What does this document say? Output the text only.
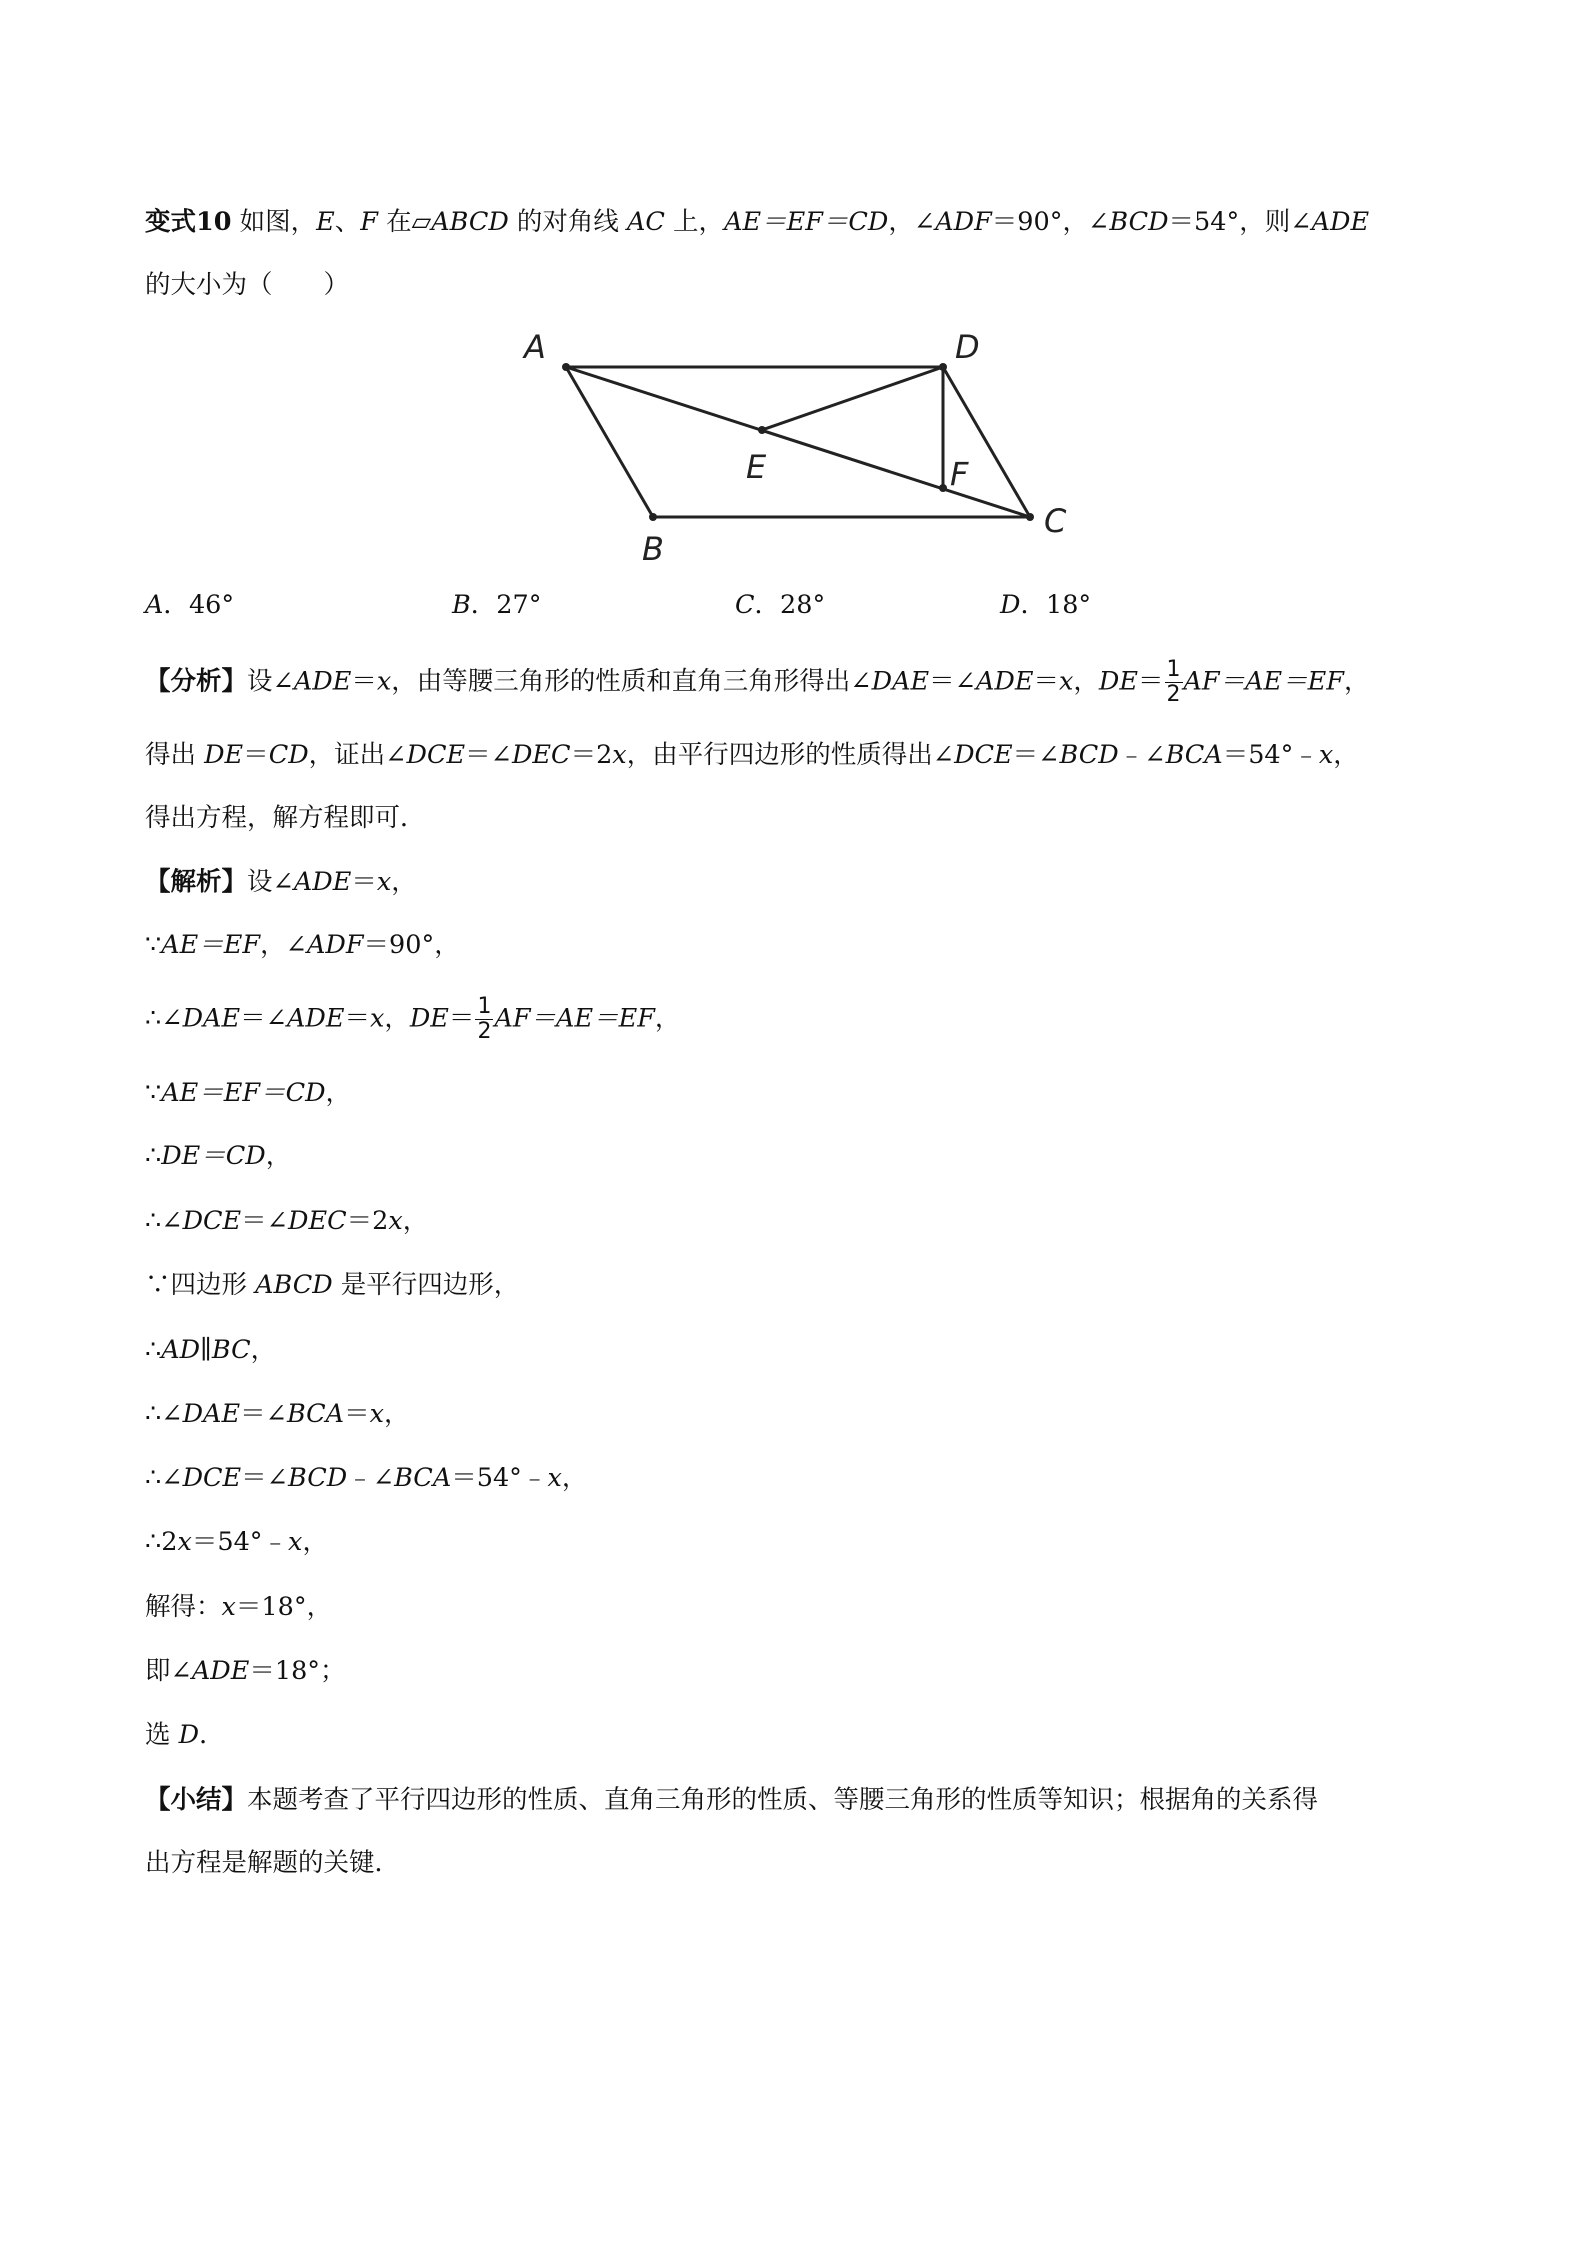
变式10 如图，E、F 在▱ABCD 的对角线 AC 上，AE＝EF＝CD，∠ADF＝90°，∠BCD＝54°，则∠ADE
的大小为（　　）
A	D
B
C
E	F
A．46°	B．27°	C．28°	D．18°
【分析】设∠ADE＝x，由等腰三角形的性质和直角三角形得出∠DAE＝∠ADE＝x，$DE= \frac{1}{2} AF=AE=EF$，
得出 DE＝CD，证出∠DCE＝∠DEC＝2x，由平行四边形的性质得出∠DCE＝∠BCD﹣∠BCA＝54°﹣x，
得出方程，解方程即可．
【解析】设∠ADE＝x，
∵AE＝EF，∠ADF＝90°，
∴∠DAE＝∠ADE＝x，$DE= \frac{1}{2} AF=AE=EF$，
∵AE＝EF＝CD，
∴DE＝CD，
∴∠DCE＝∠DEC＝2x，
∵四边形 ABCD 是平行四边形，
∴AD∥BC，
∴∠DAE＝∠BCA＝x，
∴∠DCE＝∠BCD﹣∠BCA＝54°﹣x，
∴2x＝54°﹣x，
解得：x＝18°，
即∠ADE＝18°；
选 D．
【小结】本题考查了平行四边形的性质、直角三角形的性质、等腰三角形的性质等知识；根据角的关系得
出方程是解题的关键．
